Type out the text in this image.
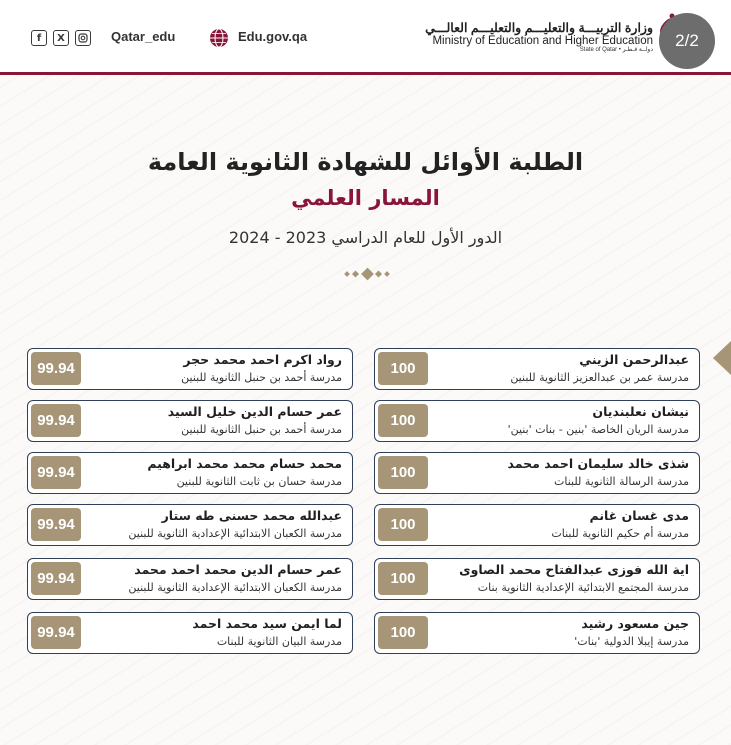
f	X	Qatar_edu	Edu.gov.qa
وزارة التربيـــة والتعليـــم والتعليـــم العالـــي
Ministry of Education and Higher Education
State of Qatar • دولــة قـطـر
2/2
الطلبة الأوائل للشهادة الثانوية العامة
المسار العلمي
الدور الأول للعام الدراسي 2023 - 2024
عبدالرحمن الزيني
مدرسة عمر بن عبدالعزيز الثانوية للبنين
100
نيشان نعلبنديان
مدرسة الريان الخاصة 'بنين - بنات 'بنين'
100
شذى خالد سليمان احمد محمد
مدرسة الرسالة الثانوية للبنات
100
مدى غسان غانم
مدرسة أم حكيم الثانوية للبنات
100
اية الله فوزى عبدالفتاح محمد الصاوى
مدرسة المجتمع الابتدائية الإعدادية الثانوية بنات
100
جين مسعود رشيد
مدرسة إيبلا الدولية 'بنات'
100
رواد اكرم احمد محمد حجر
مدرسة أحمد بن حنبل الثانوية للبنين
99.94
عمر حسام الدين خليل السيد
مدرسة أحمد بن حنبل الثانوية للبنين
99.94
محمد حسام محمد محمد ابراهيم
مدرسة حسان بن ثابت الثانوية للبنين
99.94
عبدالله محمد حسنى طه ستار
مدرسة الكعبان الابتدائية الإعدادية الثانوية للبنين
99.94
عمر حسام الدين محمد احمد محمد
مدرسة الكعبان الابتدائية الإعدادية الثانوية للبنين
99.94
لما ايمن سيد محمد احمد
مدرسة البيان الثانوية للبنات
99.94
